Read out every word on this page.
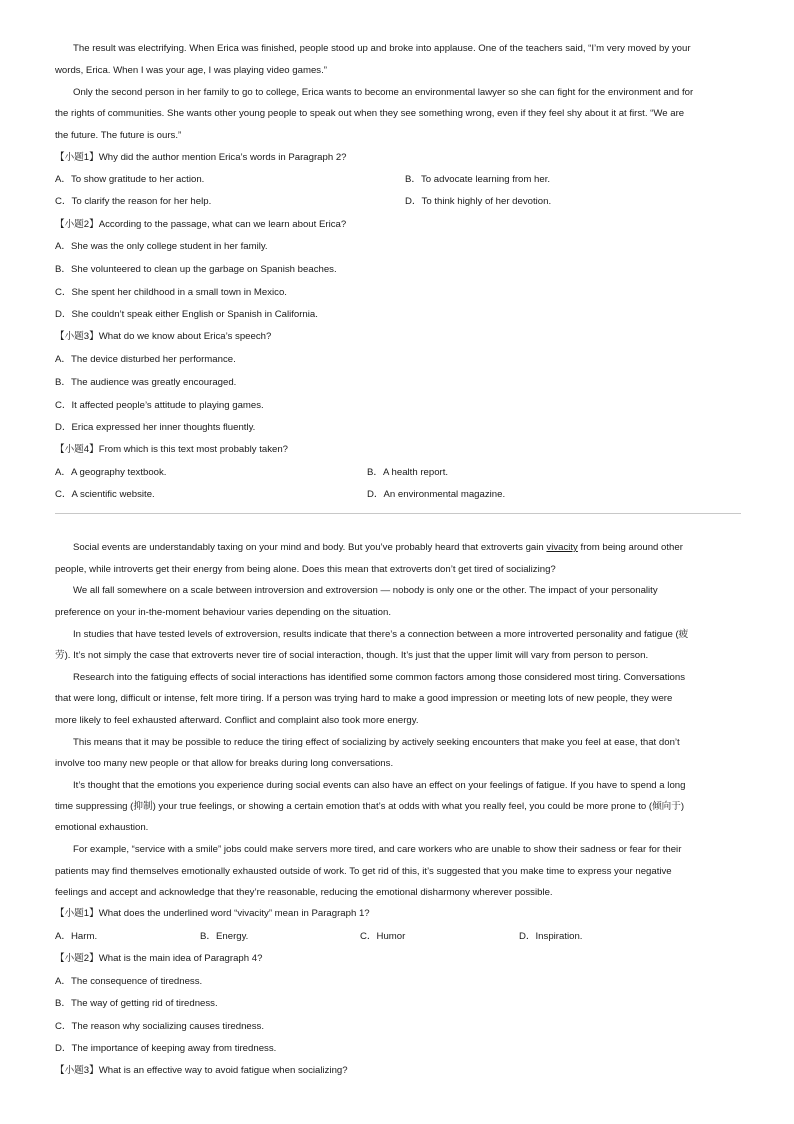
The result was electrifying. When Erica was finished, people stood up and broke into applause. One of the teachers said, “I’m very moved by your
words, Erica. When I was your age, I was playing video games.”
Only the second person in her family to go to college, Erica wants to become an environmental lawyer so she can fight for the environment and for
the rights of communities. She wants other young people to speak out when they see something wrong, even if they feel shy about it at first. “We are
the future. The future is ours.”
【小题1】Why did the author mention Erica’s words in Paragraph 2?
A．To show gratitude to her action.	B．To advocate learning from her.
C．To clarify the reason for her help.	D．To think highly of her devotion.
【小题2】According to the passage, what can we learn about Erica?
A．She was the only college student in her family.
B．She volunteered to clean up the garbage on Spanish beaches.
C．She spent her childhood in a small town in Mexico.
D．She couldn’t speak either English or Spanish in California.
【小题3】What do we know about Erica’s speech?
A．The device disturbed her performance.
B．The audience was greatly encouraged.
C．It affected people’s attitude to playing games.
D．Erica expressed her inner thoughts fluently.
【小题4】From which is this text most probably taken?
A．A geography textbook.	B．A health report.
C．A scientific website.	D．An environmental magazine.
Social events are understandably taxing on your mind and body. But you’ve probably heard that extroverts gain vivacity from being around other
people, while introverts get their energy from being alone. Does this mean that extroverts don’t get tired of socializing?
We all fall somewhere on a scale between introversion and extroversion — nobody is only one or the other. The impact of your personality
preference on your in-the-moment behaviour varies depending on the situation.
In studies that have tested levels of extroversion, results indicate that there’s a connection between a more introverted personality and fatigue (疲
劳). It’s not simply the case that extroverts never tire of social interaction, though. It’s just that the upper limit will vary from person to person.
Research into the fatiguing effects of social interactions has identified some common factors among those considered most tiring. Conversations
that were long, difficult or intense, felt more tiring. If a person was trying hard to make a good impression or meeting lots of new people, they were
more likely to feel exhausted afterward. Conflict and complaint also took more energy.
This means that it may be possible to reduce the tiring effect of socializing by actively seeking encounters that make you feel at ease, that don’t
involve too many new people or that allow for breaks during long conversations.
It’s thought that the emotions you experience during social events can also have an effect on your feelings of fatigue. If you have to spend a long
time suppressing (抑制) your true feelings, or showing a certain emotion that’s at odds with what you really feel, you could be more prone to (倾向于)
emotional exhaustion.
For example, “service with a smile” jobs could make servers more tired, and care workers who are unable to show their sadness or fear for their
patients may find themselves emotionally exhausted outside of work. To get rid of this, it’s suggested that you make time to express your negative
feelings and accept and acknowledge that they’re reasonable, reducing the emotional disharmony wherever possible.
【小题1】What does the underlined word “vivacity” mean in Paragraph 1?
A．Harm.	B．Energy.	C．Humor	D．Inspiration.
【小题2】What is the main idea of Paragraph 4?
A．The consequence of tiredness.
B．The way of getting rid of tiredness.
C．The reason why socializing causes tiredness.
D．The importance of keeping away from tiredness.
【小题3】What is an effective way to avoid fatigue when socializing?
